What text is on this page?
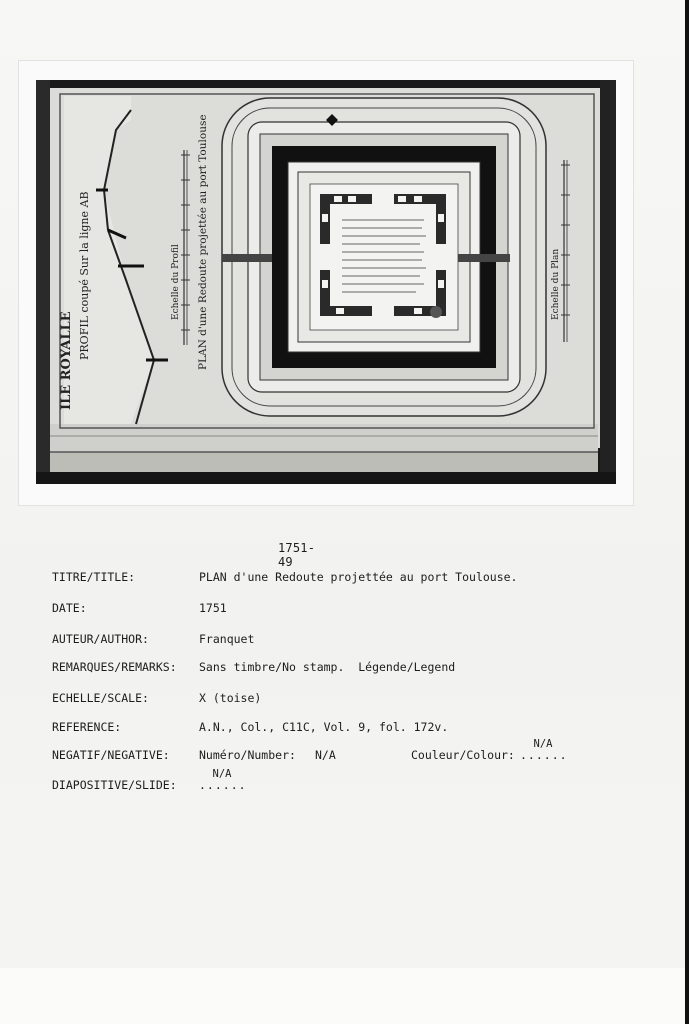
ILE ROYALLE
PROFIL coupé Sur la ligne AB	Echelle du Profil PLAN d'une Redoute projettée au port Toulouse	Echelle du Plan
1751-49
TITRE/TITLE:	PLAN d'une Redoute projettée au port Toulouse.
DATE:	1751
AUTEUR/AUTHOR:	Franquet
REMARQUES/REMARKS: Sans timbre/No stamp.  Légende/Legend
ECHELLE/SCALE:	X (toise)
REFERENCE:	A.N., Col., C11C, Vol. 9, fol. 172v.
NEGATIF/NEGATIVE:	Numéro/Number: N/A	Couleur/Colour:
N/A
......
DIAPOSITIVE/SLIDE:
N/A
......
